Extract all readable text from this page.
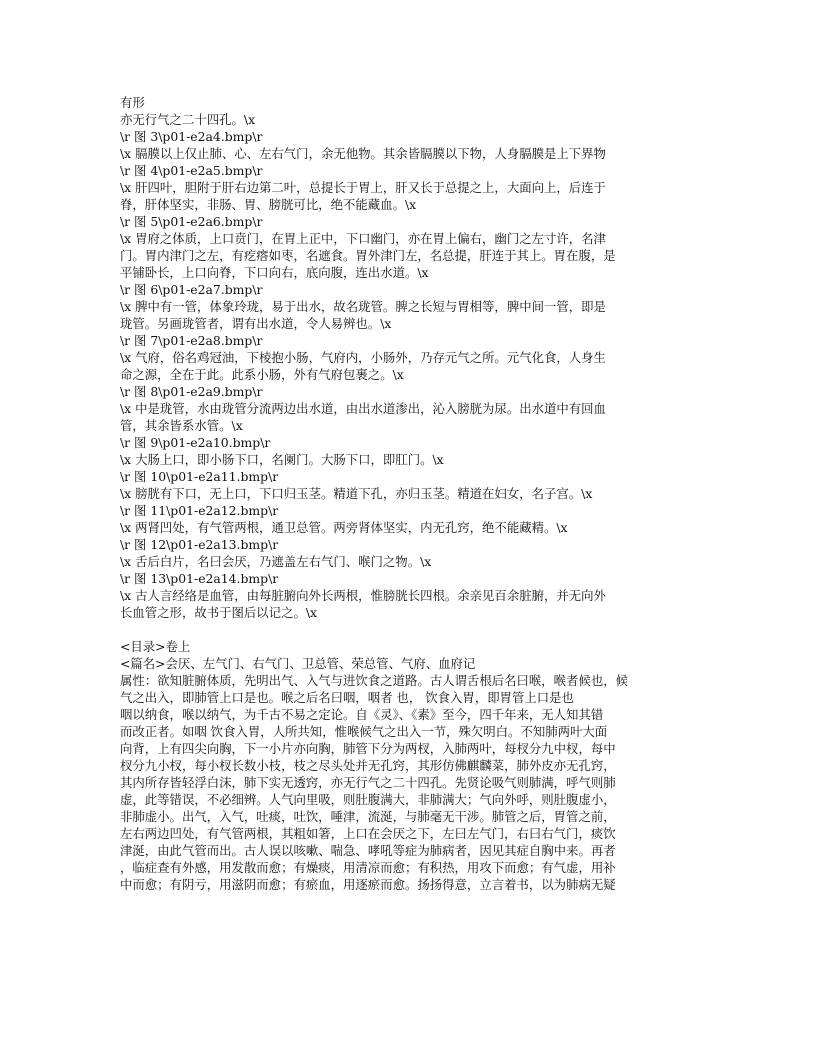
有形
亦无行气之二十四孔。\x
\r 图 3\p01-e2a4.bmp\r
\x 膈膜以上仅止肺、心、左右气门，余无他物。其余皆膈膜以下物，人身膈膜是上下界物
\r 图 4\p01-e2a5.bmp\r
\x 肝四叶，胆附于肝右边第二叶，总提长于胃上，肝又长于总提之上，大面向上，后连于
脊，肝体坚实，非肠、胃、膀胱可比，绝不能藏血。\x
\r 图 5\p01-e2a6.bmp\r
\x 胃府之体质，上口贲门，在胃上正中，下口幽门，亦在胃上偏右，幽门之左寸许，名津
门。胃内津门之左，有疙瘩如枣，名遮食。胃外津门左，名总提，肝连于其上。胃在腹，是
平铺卧长，上口向脊，下口向右，底向腹，连出水道。\x
\r 图 6\p01-e2a7.bmp\r
\x 脾中有一管，体象玲珑，易于出水，故名珑管。脾之长短与胃相等，脾中间一管，即是
珑管。另画珑管者，谓有出水道，令人易辨也。\x
\r 图 7\p01-e2a8.bmp\r
\x 气府，俗名鸡冠油，下棱抱小肠，气府内，小肠外，乃存元气之所。元气化食，人身生
命之源，全在于此。此系小肠，外有气府包裹之。\x
\r 图 8\p01-e2a9.bmp\r
\x 中是珑管，水由珑管分流两边出水道，由出水道渗出，沁入膀胱为尿。出水道中有回血
管，其余皆系水管。\x
\r 图 9\p01-e2a10.bmp\r
\x 大肠上口，即小肠下口，名阑门。大肠下口，即肛门。\x
\r 图 10\p01-e2a11.bmp\r
\x 膀胱有下口，无上口，下口归玉茎。精道下孔，亦归玉茎。精道在妇女，名子宫。\x
\r 图 11\p01-e2a12.bmp\r
\x 两肾凹处，有气管两根，通卫总管。两旁肾体坚实，内无孔窍，绝不能藏精。\x
\r 图 12\p01-e2a13.bmp\r
\x 舌后白片，名曰会厌，乃遮盖左右气门、喉门之物。\x
\r 图 13\p01-e2a14.bmp\r
\x 古人言经络是血管，由每脏腑向外长两根，惟膀胱长四根。余亲见百余脏腑，并无向外
长血管之形，故书于图后以记之。\x
<目录>卷上
<篇名>会厌、左气门、右气门、卫总管、荣总管、气府、血府记
属性：欲知脏腑体质，先明出气、入气与进饮食之道路。古人谓舌根后名曰喉，喉者候也，候
气之出入，即肺管上口是也。喉之后名曰咽，咽者 也， 饮食入胃，即胃管上口是也
咽以纳食，喉以纳气，为千古不易之定论。自《灵》、《素》至今，四千年来，无人知其错
而改正者。如咽 饮食入胃，人所共知，惟喉候气之出入一节，殊欠明白。不知肺两叶大面
向背，上有四尖向胸，下一小片亦向胸，肺管下分为两杈，入肺两叶，每杈分九中杈，每中
杈分九小杈，每小杈长数小枝，枝之尽头处并无孔窍，其形仿佛麒麟菜，肺外皮亦无孔窍，
其内所存皆轻浮白沫，肺下实无透窍，亦无行气之二十四孔。先贤论吸气则肺满，呼气则肺
虚，此等错误，不必细辨。人气向里吸，则肚腹满大，非肺满大；气向外呼，则肚腹虚小，
非肺虚小。出气，入气，吐痰，吐饮，唾津，流涎，与肺毫无干涉。肺管之后，胃管之前，
左右两边凹处，有气管两根，其粗如箸，上口在会厌之下，左曰左气门，右曰右气门，痰饮
津涎，由此气管而出。古人误以咳嗽、喘急、哮吼等症为肺病者，因见其症自胸中来。再者
，临症查有外感，用发散而愈；有燥痰，用清凉而愈；有积热，用攻下而愈；有气虚，用补
中而愈；有阴亏，用滋阴而愈；有瘀血，用逐瘀而愈。扬扬得意，立言着书，以为肺病无疑
